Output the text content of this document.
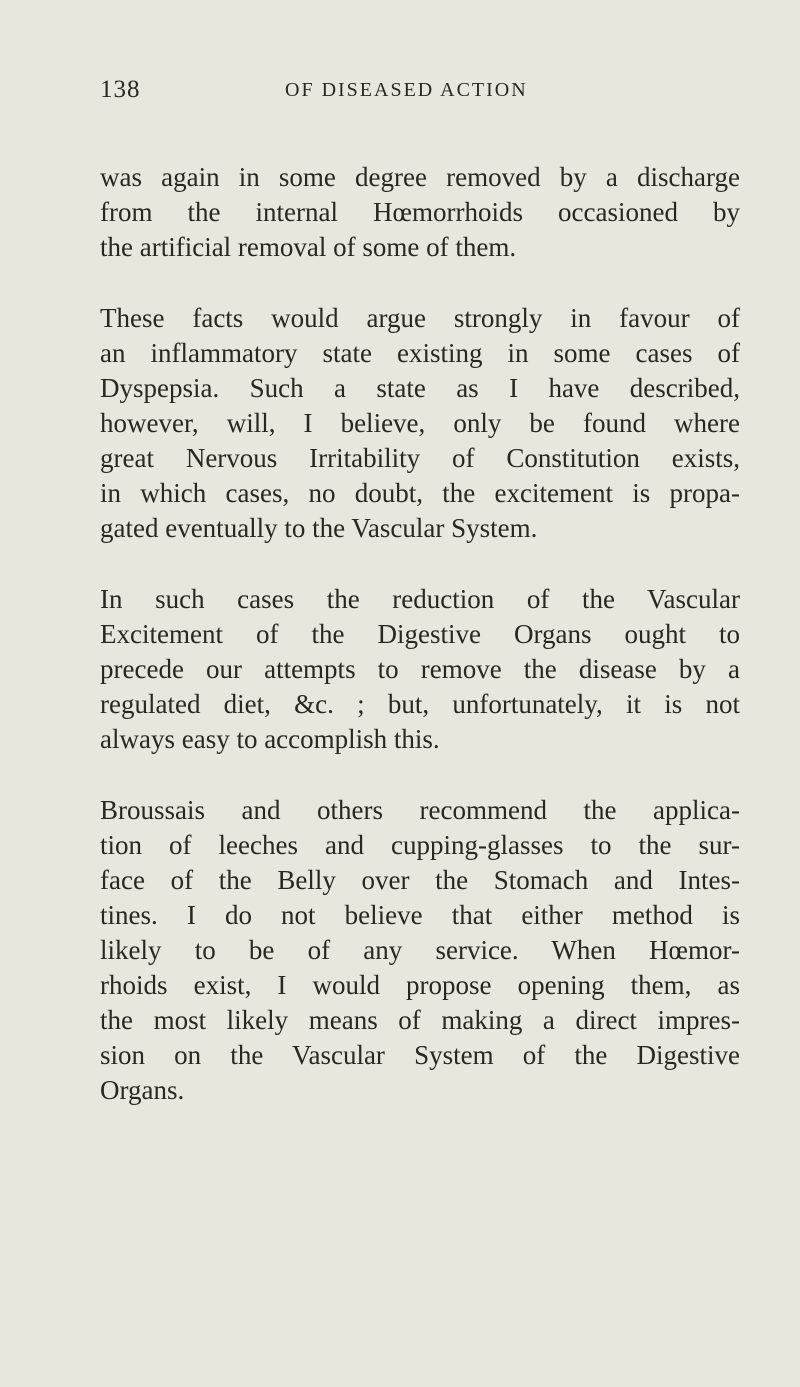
138	OF DISEASED ACTION
was again in some degree removed by a discharge
from the internal Hœmorrhoids occasioned by
the artificial removal of some of them.
These facts would argue strongly in favour of
an inflammatory state existing in some cases of
Dyspepsia. Such a state as I have described,
however, will, I believe, only be found where
great Nervous Irritability of Constitution exists,
in which cases, no doubt, the excitement is propa-
gated eventually to the Vascular System.
In such cases the reduction of the Vascular
Excitement of the Digestive Organs ought to
precede our attempts to remove the disease by a
regulated diet, &c. ; but, unfortunately, it is not
always easy to accomplish this.
Broussais and others recommend the applica-
tion of leeches and cupping-glasses to the sur-
face of the Belly over the Stomach and Intes-
tines. I do not believe that either method is
likely to be of any service. When Hœmor-
rhoids exist, I would propose opening them, as
the most likely means of making a direct impres-
sion on the Vascular System of the Digestive
Organs.
